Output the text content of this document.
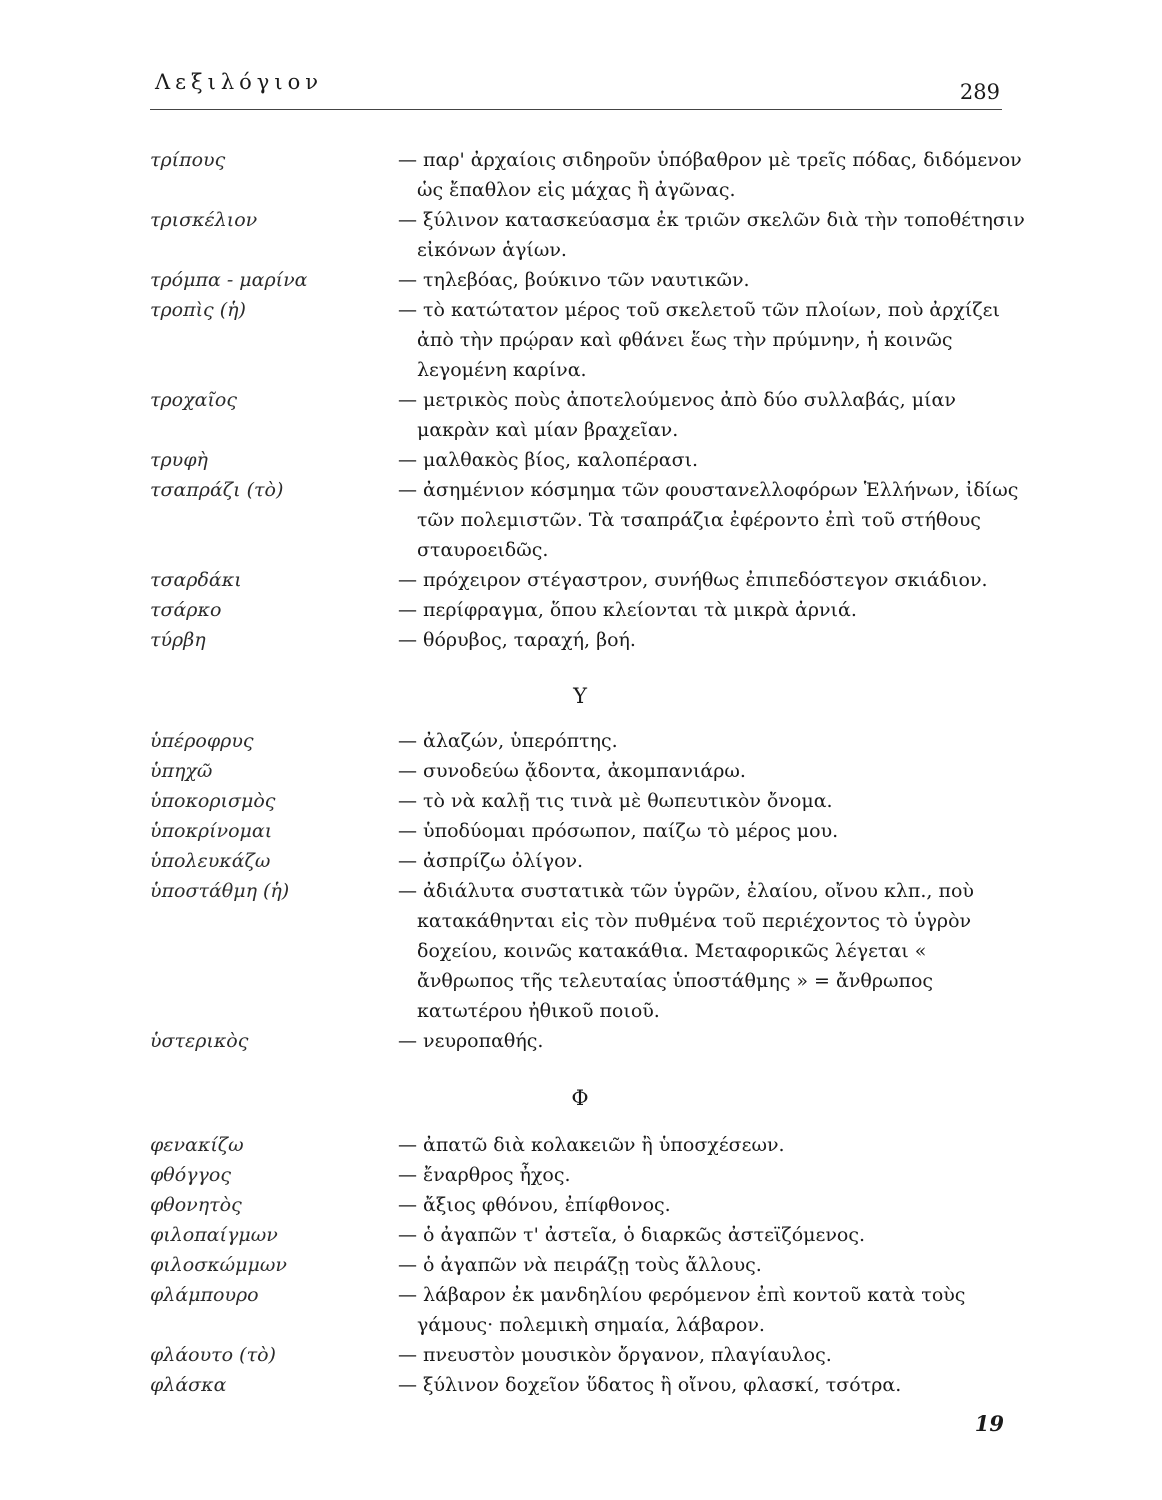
Λεξιλόγιον	289
τρίπους	— παρ' ἀρχαίοις σιδηροῦν ὑπόβαθρον μὲ τρεῖς πόδας, διδόμενον ὡς ἔπαθλον εἰς μάχας ἢ ἀγῶνας.
τρισκέλιον	— ξύλινον κατασκεύασμα ἐκ τριῶν σκελῶν διὰ τὴν τοποθέτησιν εἰκόνων ἁγίων.
τρόμπα - μαρίνα	— τηλεβόας, βούκινο τῶν ναυτικῶν.
τροπὶς (ἡ)	— τὸ κατώτατον μέρος τοῦ σκελετοῦ τῶν πλοίων, ποὺ ἀρχίζει ἀπὸ τὴν πρῴραν καὶ φθάνει ἕως τὴν πρύμνην, ἡ κοινῶς λεγομένη καρίνα.
τροχαῖος	— μετρικὸς ποὺς ἀποτελούμενος ἀπὸ δύο συλλαβάς, μίαν μακρὰν καὶ μίαν βραχεῖαν.
τρυφὴ	— μαλθακὸς βίος, καλοπέρασι.
τσαπράζι (τὸ)	— ἀσημένιον κόσμημα τῶν φουστανελλοφόρων Ἑλλήνων, ἰδίως τῶν πολεμιστῶν. Τὰ τσαπράζια ἐφέροντο ἐπὶ τοῦ στήθους σταυροειδῶς.
τσαρδάκι	— πρόχειρον στέγαστρον, συνήθως ἐπιπεδόστεγον σκιάδιον.
τσάρκο	— περίφραγμα, ὅπου κλείονται τὰ μικρὰ ἀρνιά.
τύρβη	— θόρυβος, ταραχή, βοή.
Υ
ὑπέροφρυς	— ἀλαζών, ὑπερόπτης.
ὑπηχῶ	— συνοδεύω ᾄδοντα, ἀκομπανιάρω.
ὑποκορισμὸς	— τὸ νὰ καλῇ τις τινὰ μὲ θωπευτικὸν ὄνομα.
ὑποκρίνομαι	— ὑποδύομαι πρόσωπον, παίζω τὸ μέρος μου.
ὑπολευκάζω	— ἀσπρίζω ὀλίγον.
ὑποστάθμη (ἡ)	— ἀδιάλυτα συστατικὰ τῶν ὑγρῶν, ἐλαίου, οἴνου κλπ., ποὺ κατακάθηνται εἰς τὸν πυθμένα τοῦ περιέχοντος τὸ ὑγρὸν δοχείου, κοινῶς κατακάθια. Μεταφορικῶς λέγεται « ἄνθρωπος τῆς τελευταίας ὑποστάθμης » = ἄνθρωπος κατωτέρου ἠθικοῦ ποιοῦ.
ὑστερικὸς	— νευροπαθής.
Φ
φενακίζω	— ἀπατῶ διὰ κολακειῶν ἢ ὑποσχέσεων.
φθόγγος	— ἔναρθρος ἦχος.
φθονητὸς	— ἄξιος φθόνου, ἐπίφθονος.
φιλοπαίγμων	— ὁ ἀγαπῶν τ' ἀστεῖα, ὁ διαρκῶς ἀστεϊζόμενος.
φιλοσκώμμων	— ὁ ἀγαπῶν νὰ πειράζῃ τοὺς ἄλλους.
φλάμπουρο	— λάβαρον ἐκ μανδηλίου φερόμενον ἐπὶ κοντοῦ κατὰ τοὺς γάμους· πολεμικὴ σημαία, λάβαρον.
φλάουτο (τὸ)	— πνευστὸν μουσικὸν ὄργανον, πλαγίαυλος.
φλάσκα	— ξύλινον δοχεῖον ὕδατος ἢ οἴνου, φλασκί, τσότρα.
19
